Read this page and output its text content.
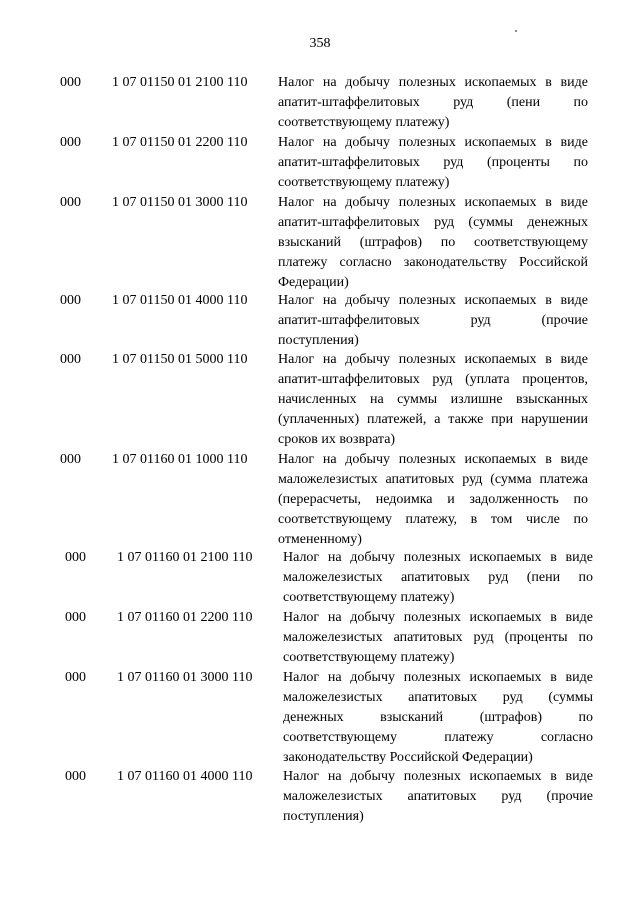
358
000 1 07 01150 01 2100 110 Налог на добычу полезных ископаемых в виде
апатит-штаффелитовых руд (пени по
соответствующему платежу)
000 1 07 01150 01 2200 110 Налог на добычу полезных ископаемых в виде
апатит-штаффелитовых руд (проценты по
соответствующему платежу)
000 1 07 01150 01 3000 110 Налог на добычу полезных ископаемых в виде
апатит-штаффелитовых руд (суммы денежных
взысканий (штрафов) по соответствующему
платежу согласно законодательству Российской
Федерации)
000 1 07 01150 01 4000 110 Налог на добычу полезных ископаемых в виде
апатит-штаффелитовых руд (прочие
поступления)
000 1 07 01150 01 5000 110 Налог на добычу полезных ископаемых в виде
апатит-штаффелитовых руд (уплата процентов,
начисленных на суммы излишне взысканных
(уплаченных) платежей, а также при нарушении
сроков их возврата)
000 1 07 01160 01 1000 110 Налог на добычу полезных ископаемых в виде
маложелезистых апатитовых руд (сумма платежа
(перерасчеты, недоимка и задолженность по
соответствующему платежу, в том числе по
отмененному)
000 1 07 01160 01 2100 110 Налог на добычу полезных ископаемых в виде
маложелезистых апатитовых руд (пени по
соответствующему платежу)
000 1 07 01160 01 2200 110 Налог на добычу полезных ископаемых в виде
маложелезистых апатитовых руд (проценты по
соответствующему платежу)
000 1 07 01160 01 3000 110 Налог на добычу полезных ископаемых в виде
маложелезистых апатитовых руд (суммы
денежных взысканий (штрафов) по
соответствующему платежу согласно
законодательству Российской Федерации)
000 1 07 01160 01 4000 110 Налог на добычу полезных ископаемых в виде
маложелезистых апатитовых руд (прочие
поступления)
